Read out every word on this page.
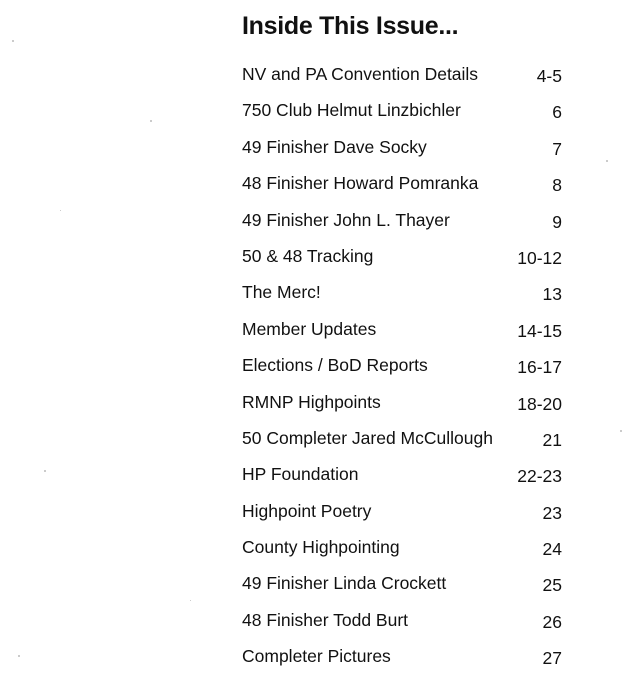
Inside This Issue...
NV and PA Convention Details	4-5
750 Club Helmut Linzbichler	6
49 Finisher Dave Socky	7
48 Finisher Howard Pomranka	8
49 Finisher John L. Thayer	9
50 & 48 Tracking	10-12
The Merc!	13
Member Updates	14-15
Elections / BoD Reports	16-17
RMNP Highpoints	18-20
50 Completer Jared McCullough	21
HP Foundation	22-23
Highpoint Poetry	23
County Highpointing	24
49 Finisher Linda Crockett	25
48 Finisher Todd Burt	26
Completer Pictures	27
